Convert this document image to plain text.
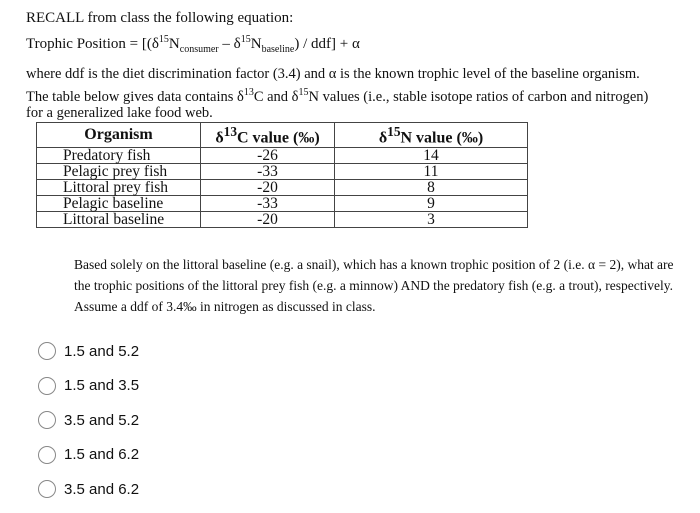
RECALL from class the following equation:
Trophic Position = $[(\delta^{15}N_{consumer} - \delta^{15}N_{baseline}) / ddf] + \alpha$
where ddf is the diet discrimination factor (3.4) and α is the known trophic level of the baseline organism.
The table below gives data contains $\delta^{13}C$ and $\delta^{15}N$ values (i.e., stable isotope ratios of carbon and nitrogen)
for a generalized lake food web.
Organism	$\delta^{13}C$ value (‰)	$\delta^{15}N$ value (‰)
Predatory fish	-26	14
Pelagic prey fish	-33	11
Littoral prey fish	-20	8
Pelagic baseline	-33	9
Littoral baseline	-20	3
Based solely on the littoral baseline (e.g. a snail), which has a known trophic position of 2 (i.e. α = 2), what are the trophic positions of the littoral prey fish (e.g. a minnow) AND the predatory fish (e.g. a trout), respectively. Assume a ddf of 3.4‰ in nitrogen as discussed in class.
1.5 and 5.2
1.5 and 3.5
3.5 and 5.2
1.5 and 6.2
3.5 and 6.2
